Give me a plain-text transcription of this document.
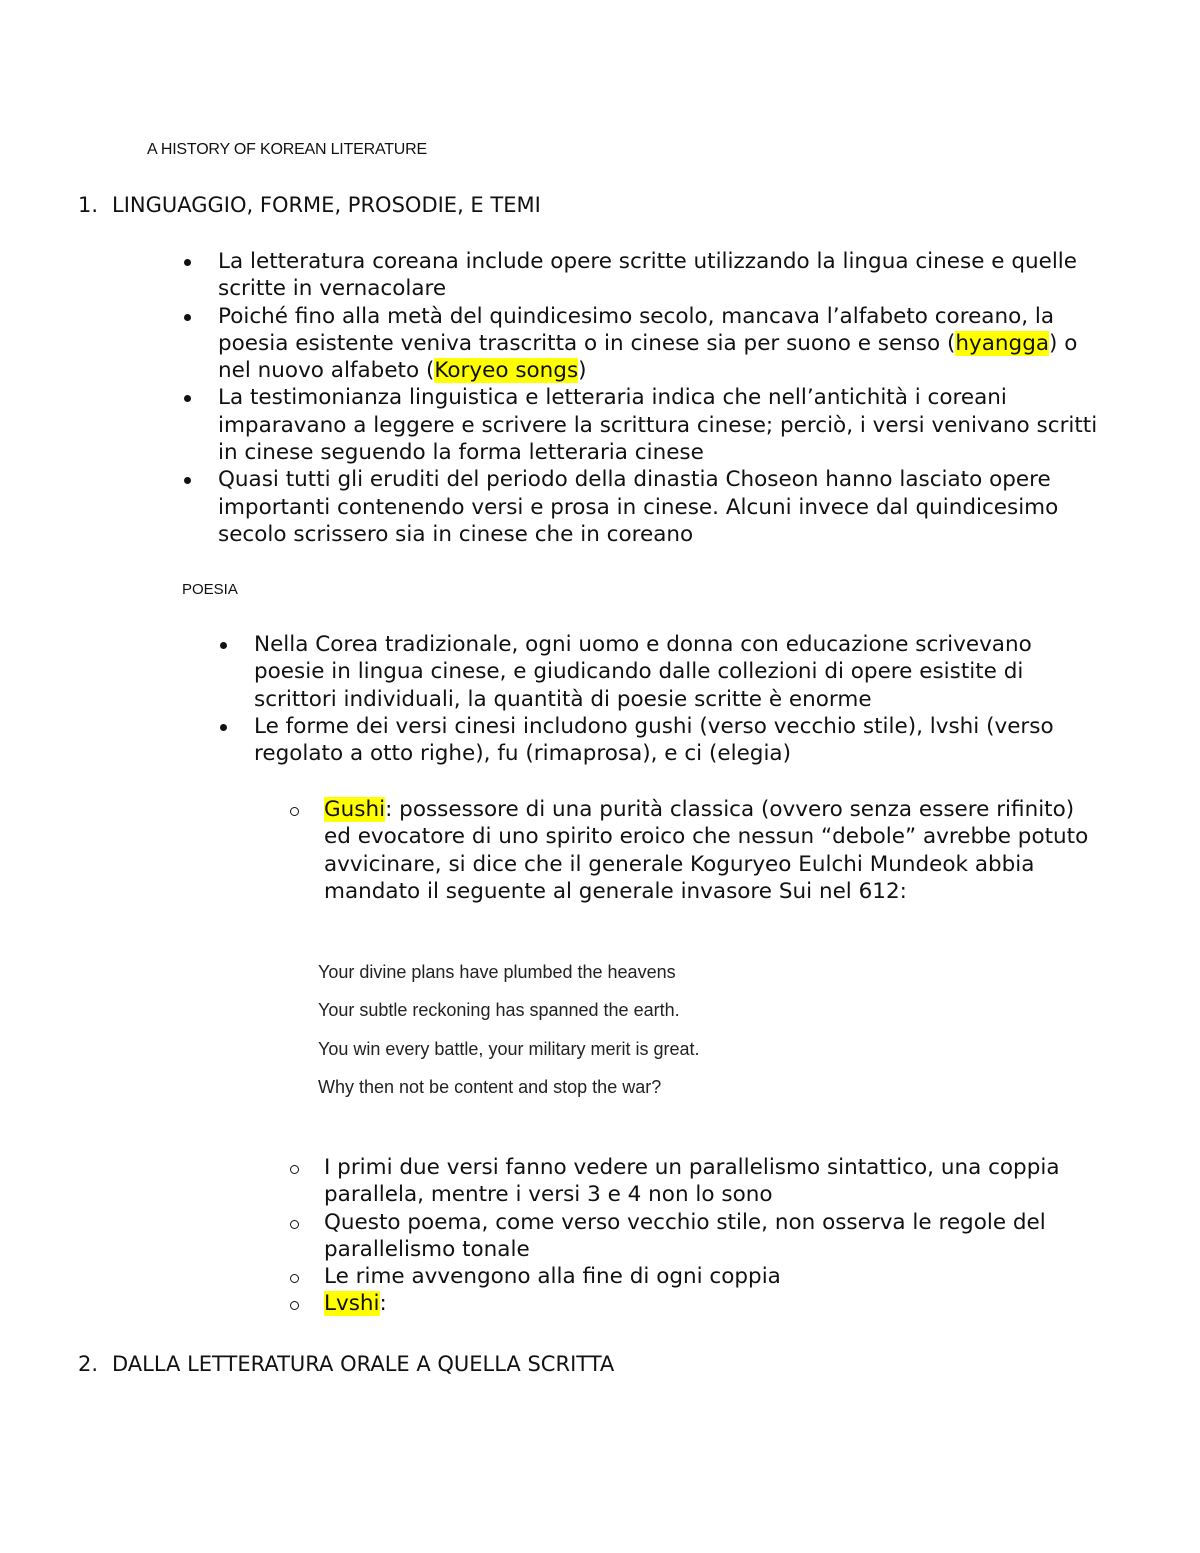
A HISTORY OF KOREAN LITERATURE
1. LINGUAGGIO, FORME, PROSODIE, E TEMI
La letteratura coreana include opere scritte utilizzando la lingua cinese e quelle scritte in vernacolare
Poiché fino alla metà del quindicesimo secolo, mancava l’alfabeto coreano, la poesia esistente veniva trascritta o in cinese sia per suono e senso (hyangga) o nel nuovo alfabeto (Koryeo songs)
La testimonianza linguistica e letteraria indica che nell’antichità i coreani imparavano a leggere e scrivere la scrittura cinese; perciò, i versi venivano scritti in cinese seguendo la forma letteraria cinese
Quasi tutti gli eruditi del periodo della dinastia Choseon hanno lasciato opere importanti contenendo versi e prosa in cinese. Alcuni invece dal quindicesimo secolo scrissero sia in cinese che in coreano
POESIA
Nella Corea tradizionale, ogni uomo e donna con educazione scrivevano poesie in lingua cinese, e giudicando dalle collezioni di opere esistite di scrittori individuali, la quantità di poesie scritte è enorme
Le forme dei versi cinesi includono gushi (verso vecchio stile), lvshi (verso regolato a otto righe), fu (rimaprosa), e ci (elegia)
Gushi: possessore di una purità classica (ovvero senza essere rifinito) ed evocatore di uno spirito eroico che nessun “debole” avrebbe potuto avvicinare, si dice che il generale Koguryeo Eulchi Mundeok abbia mandato il seguente al generale invasore Sui nel 612:
Your divine plans have plumbed the heavens
Your subtle reckoning has spanned the earth.
You win every battle, your military merit is great.
Why then not be content and stop the war?
I primi due versi fanno vedere un parallelismo sintattico, una coppia parallela, mentre i versi 3 e 4 non lo sono
Questo poema, come verso vecchio stile, non osserva le regole del parallelismo tonale
Le rime avvengono alla fine di ogni coppia
Lvshi:
2. DALLA LETTERATURA ORALE A QUELLA SCRITTA
